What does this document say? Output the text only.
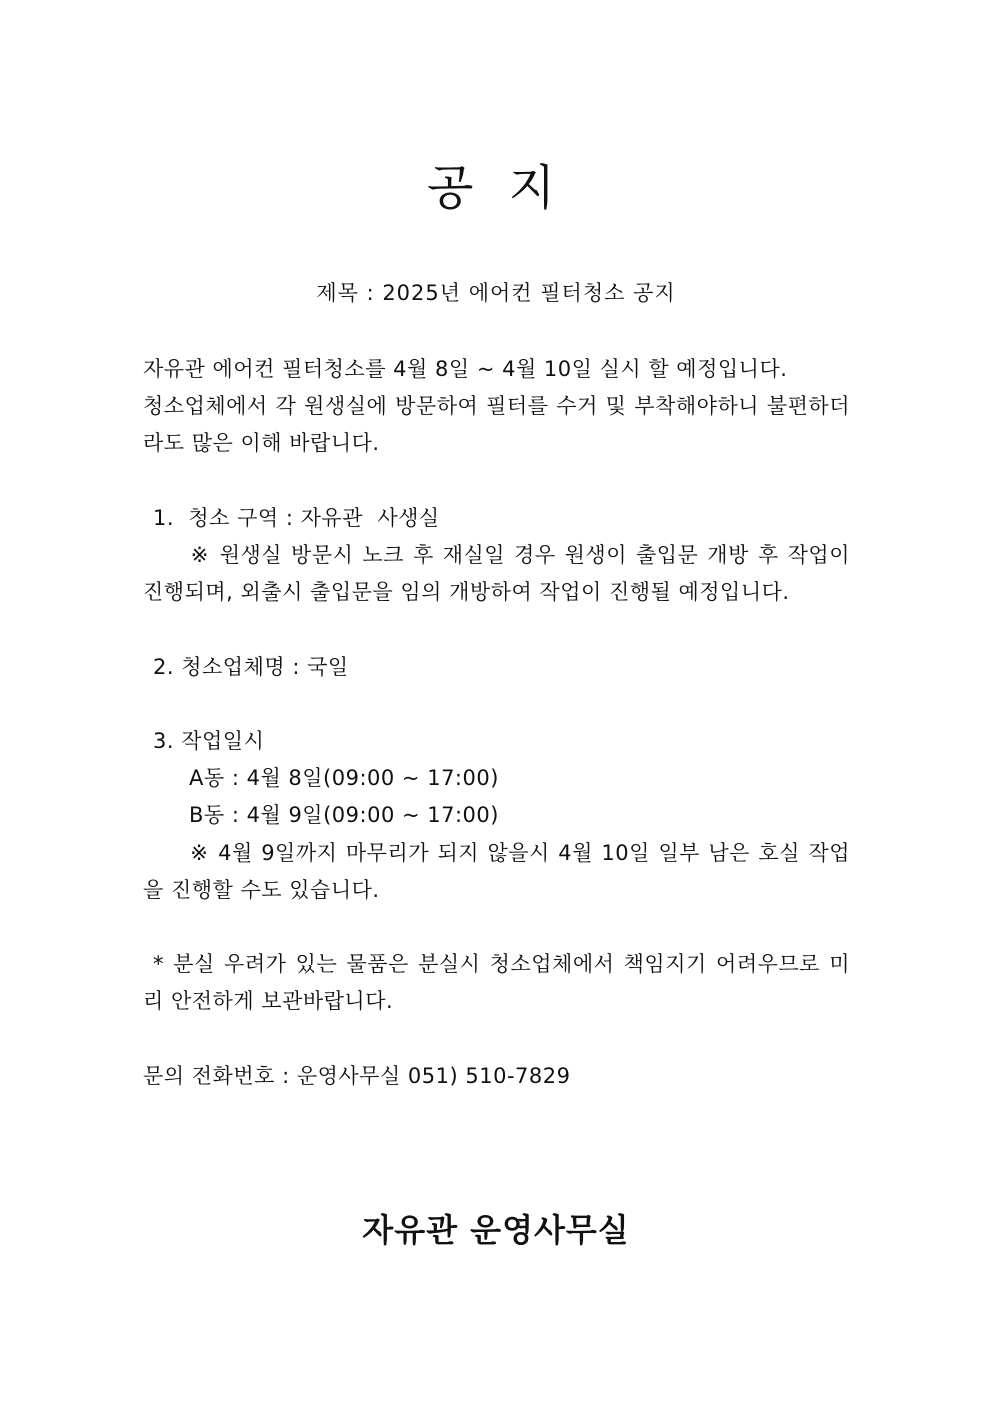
공 지
제목 : 2025년 에어컨 필터청소 공지

자유관 에어컨 필터청소를 4월 8일 ~ 4월 10일 실시 할 예정입니다.

청소업체에서 각 원생실에 방문하여 필터를 수거 및 부착해야하니 불편하더라도 많은 이해 바랍니다.

1.  청소 구역 : 자유관  사생실

※ 원생실 방문시 노크 후 재실일 경우 원생이 출입문 개방 후 작업이 진행되며, 외출시 출입문을 임의 개방하여 작업이 진행될 예정입니다.

2. 청소업체명 : 국일

3. 작업일시

A동 : 4월 8일(09:00 ~ 17:00)

B동 : 4월 9일(09:00 ~ 17:00)

※ 4월 9일까지 마무리가 되지 않을시 4월 10일 일부 남은 호실 작업을 진행할 수도 있습니다.

* 분실 우려가 있는 물품은 분실시 청소업체에서 책임지기 어려우므로 미리 안전하게 보관바랍니다.

문의 전화번호 : 운영사무실 051) 510-7829

자유관 운영사무실
